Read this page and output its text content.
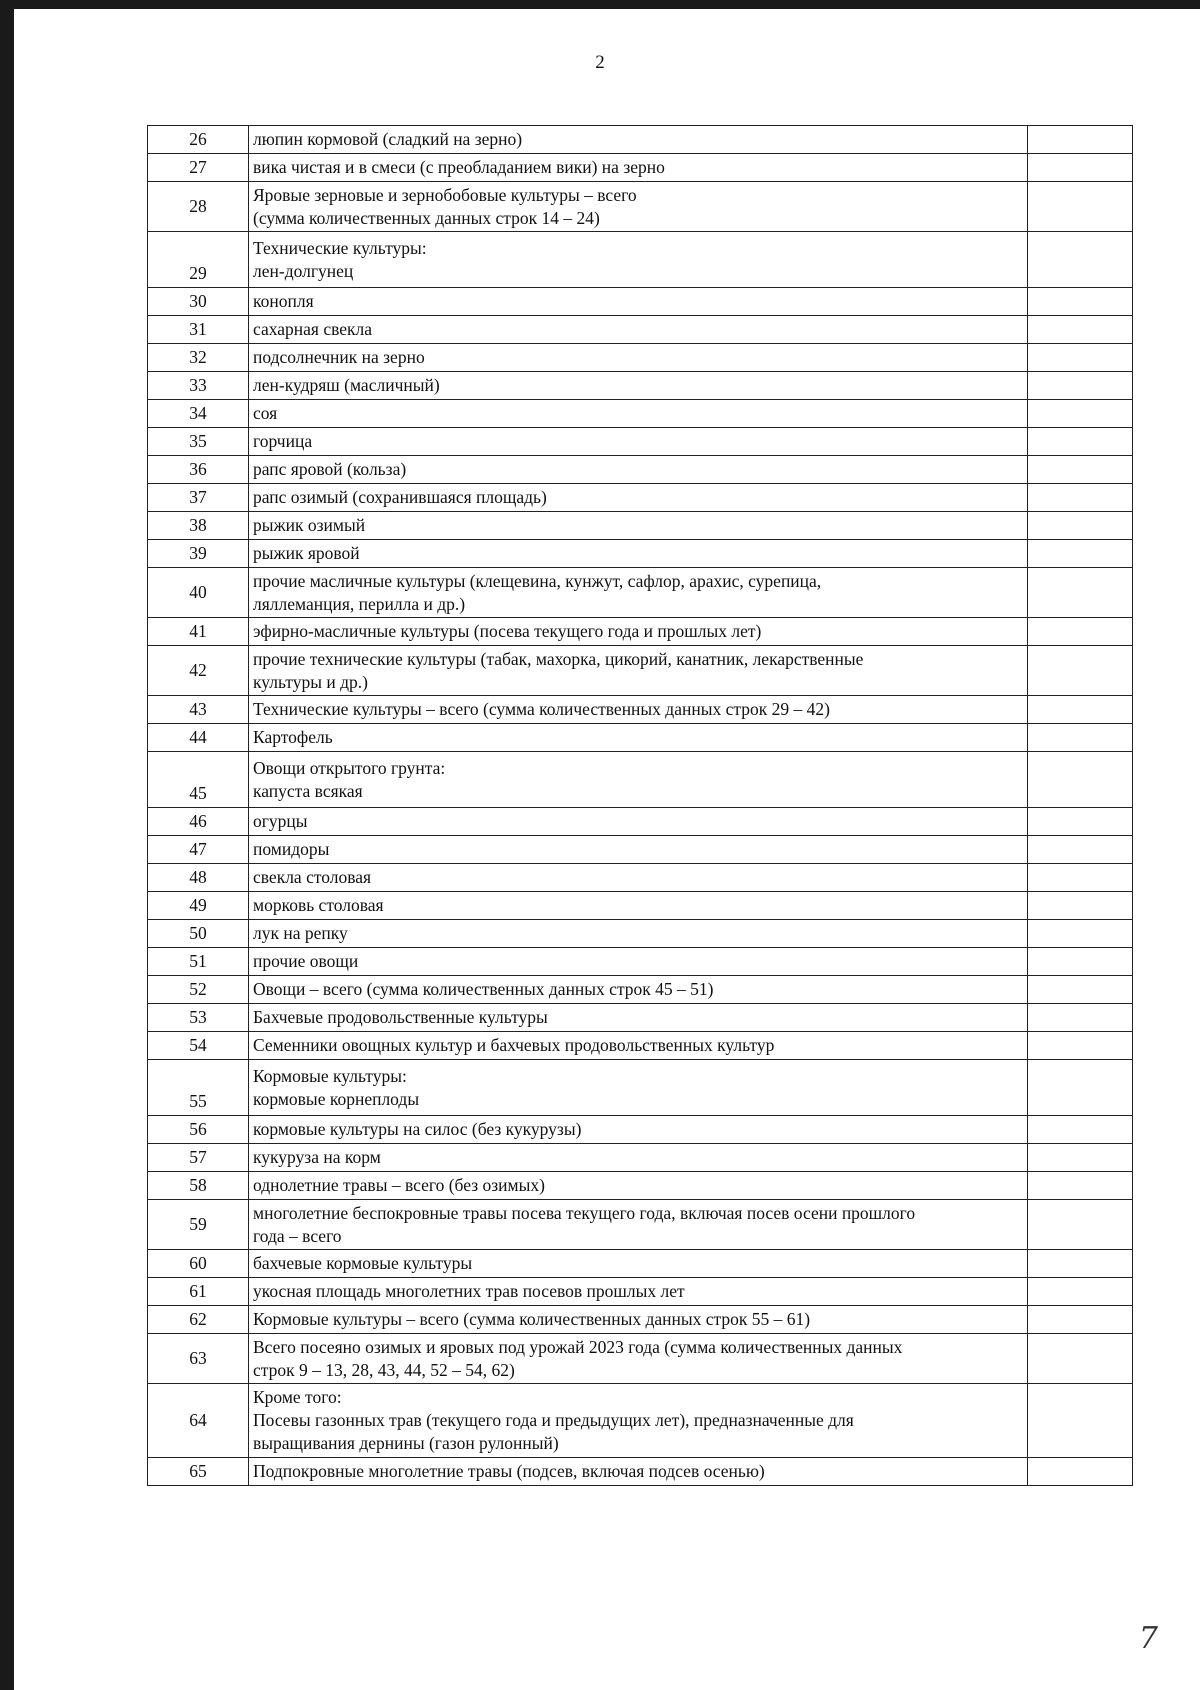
2
26	люпин кормовой (сладкий на зерно)	

27	вика чистая и в смеси (с преобладанием вики) на зерно	

28	Яровые зерновые и зернобобовые культуры – всего
(сумма количественных данных строк 14 – 24)	

29	Технические культуры:
лен-долгунец	

30	конопля	

31	сахарная свекла	

32	подсолнечник на зерно	

33	лен-кудряш (масличный)	

34	соя	

35	горчица	

36	рапс яровой (кольза)	

37	рапс озимый (сохранившаяся площадь)	

38	рыжик озимый	

39	рыжик яровой	

40	прочие масличные культуры (клещевина, кунжут, сафлор, арахис, сурепица,
ляллеманция, перилла и др.)	

41	эфирно-масличные культуры (посева текущего года и прошлых лет)	

42	прочие технические культуры (табак, махорка, цикорий, канатник, лекарственные
культуры и др.)	

43	Технические культуры – всего (сумма количественных данных строк 29 – 42)	

44	Картофель	

45	Овощи открытого грунта:
капуста всякая	

46	огурцы	

47	помидоры	

48	свекла столовая	

49	морковь столовая	

50	лук на репку	

51	прочие овощи	

52	Овощи – всего (сумма количественных данных строк 45 – 51)	

53	Бахчевые продовольственные культуры	

54	Семенники овощных культур и бахчевых продовольственных культур	

55	Кормовые культуры:
кормовые корнеплоды	

56	кормовые культуры на силос (без кукурузы)	

57	кукуруза на корм	

58	однолетние травы – всего (без озимых)	

59	многолетние беспокровные травы посева текущего года, включая посев осени прошлого
года – всего	

60	бахчевые кормовые культуры	

61	укосная площадь многолетних трав посевов прошлых лет	

62	Кормовые культуры – всего (сумма количественных данных строк 55 – 61)	

63	Всего посеяно озимых и яровых под урожай 2023 года (сумма количественных данных
строк 9 – 13, 28, 43, 44, 52 – 54, 62)	

64	Кроме того:
Посевы газонных трав (текущего года и предыдущих лет), предназначенные для
выращивания дернины (газон рулонный)	

65	Подпокровные многолетние травы (подсев, включая подсев осенью)	

7
